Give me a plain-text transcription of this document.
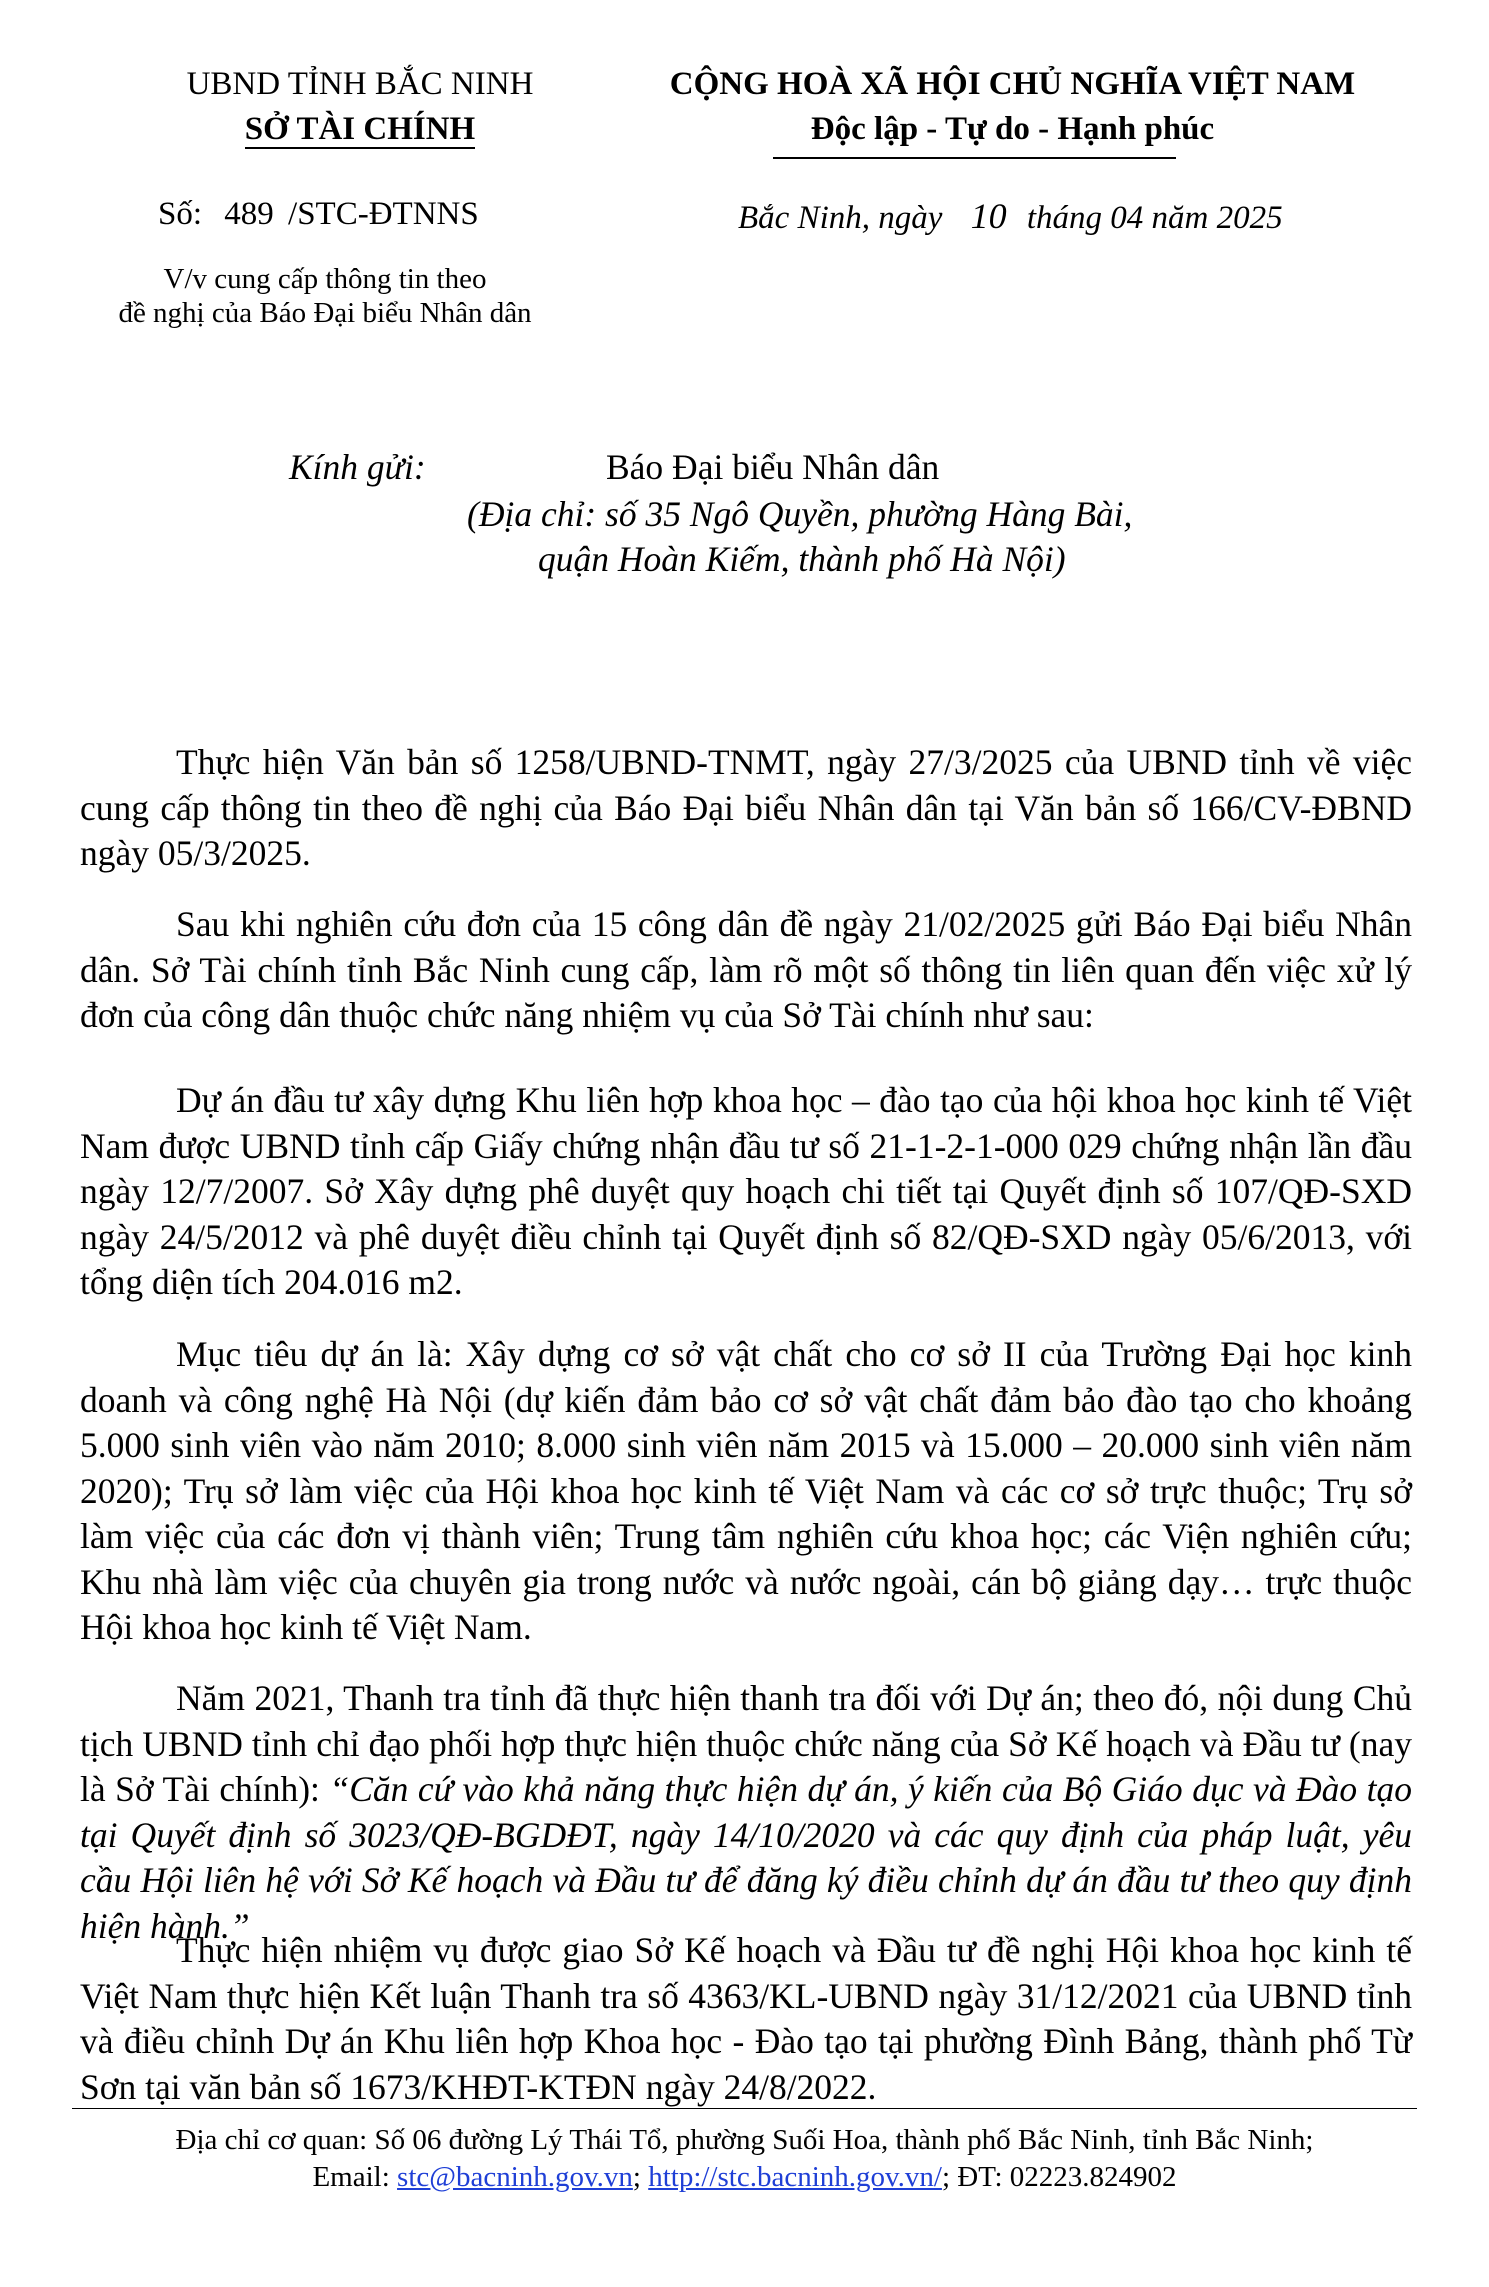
UBND TỈNH BẮC NINH
SỞ TÀI CHÍNH
CỘNG HOÀ XÃ HỘI CHỦ NGHĨA VIỆT NAM
Độc lập - Tự do - Hạnh phúc
Số: 489 /STC-ĐTNNS	Bắc Ninh, ngày 10 tháng 04 năm 2025
V/v cung cấp thông tin theo
đề nghị của Báo Đại biểu Nhân dân
Kính gửi:	Báo Đại biểu Nhân dân
(Địa chỉ: số 35 Ngô Quyền, phường Hàng Bài,
quận Hoàn Kiếm, thành phố Hà Nội)

Thực hiện Văn bản số 1258/UBND-TNMT, ngày 27/3/2025 của UBND tỉnh về việc cung cấp thông tin theo đề nghị của Báo Đại biểu Nhân dân tại Văn bản số 166/CV-ĐBND ngày 05/3/2025.

Sau khi nghiên cứu đơn của 15 công dân đề ngày 21/02/2025 gửi Báo Đại biểu Nhân dân. Sở Tài chính tỉnh Bắc Ninh cung cấp, làm rõ một số thông tin liên quan đến việc xử lý đơn của công dân thuộc chức năng nhiệm vụ của Sở Tài chính như sau:

Dự án đầu tư xây dựng Khu liên hợp khoa học – đào tạo của hội khoa học kinh tế Việt Nam được UBND tỉnh cấp Giấy chứng nhận đầu tư số 21-1-2-1-000 029 chứng nhận lần đầu ngày 12/7/2007. Sở Xây dựng phê duyệt quy hoạch chi tiết tại Quyết định số 107/QĐ-SXD ngày 24/5/2012 và phê duyệt điều chỉnh tại Quyết định số 82/QĐ-SXD ngày 05/6/2013, với tổng diện tích 204.016 m2.

Mục tiêu dự án là: Xây dựng cơ sở vật chất cho cơ sở II của Trường Đại học kinh doanh và công nghệ Hà Nội (dự kiến đảm bảo cơ sở vật chất đảm bảo đào tạo cho khoảng 5.000 sinh viên vào năm 2010; 8.000 sinh viên năm 2015 và 15.000 – 20.000 sinh viên năm 2020); Trụ sở làm việc của Hội khoa học kinh tế Việt Nam và các cơ sở trực thuộc; Trụ sở làm việc của các đơn vị thành viên; Trung tâm nghiên cứu khoa học; các Viện nghiên cứu; Khu nhà làm việc của chuyên gia trong nước và nước ngoài, cán bộ giảng dạy… trực thuộc Hội khoa học kinh tế Việt Nam.

Năm 2021, Thanh tra tỉnh đã thực hiện thanh tra đối với Dự án; theo đó, nội dung Chủ tịch UBND tỉnh chỉ đạo phối hợp thực hiện thuộc chức năng của Sở Kế hoạch và Đầu tư (nay là Sở Tài chính): “Căn cứ vào khả năng thực hiện dự án, ý kiến của Bộ Giáo dục và Đào tạo tại Quyết định số 3023/QĐ-BGDĐT, ngày 14/10/2020 và các quy định của pháp luật, yêu cầu Hội liên hệ với Sở Kế hoạch và Đầu tư để đăng ký điều chỉnh dự án đầu tư theo quy định hiện hành.”

Thực hiện nhiệm vụ được giao Sở Kế hoạch và Đầu tư đề nghị Hội khoa học kinh tế Việt Nam thực hiện Kết luận Thanh tra số 4363/KL-UBND ngày 31/12/2021 của UBND tỉnh và điều chỉnh Dự án Khu liên hợp Khoa học - Đào tạo tại phường Đình Bảng, thành phố Từ Sơn tại văn bản số 1673/KHĐT-KTĐN ngày 24/8/2022.

Địa chỉ cơ quan: Số 06 đường Lý Thái Tổ, phường Suối Hoa, thành phố Bắc Ninh, tỉnh Bắc Ninh;
Email: stc@bacninh.gov.vn; http://stc.bacninh.gov.vn/; ĐT: 02223.824902
